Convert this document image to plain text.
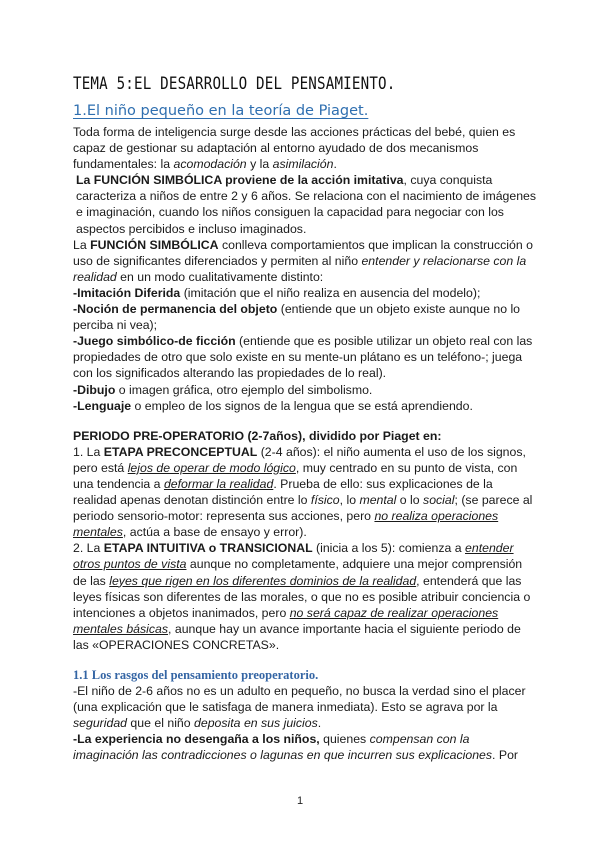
TEMA 5:EL DESARROLLO DEL PENSAMIENTO.
1.El niño pequeño en la teoría de Piaget.

Toda forma de inteligencia surge desde las acciones prácticas del bebé, quien es capaz de gestionar su adaptación al entorno ayudado de dos mecanismos fundamentales: la acomodación y la asimilación.

La FUNCIÓN SIMBÓLICA proviene de la acción imitativa, cuya conquista caracteriza a niños de entre 2 y 6 años. Se relaciona con el nacimiento de imágenes e imaginación, cuando los niños consiguen la capacidad para negociar con los aspectos percibidos e incluso imaginados.

La FUNCIÓN SIMBÓLICA conlleva comportamientos que implican la construcción o uso de significantes diferenciados y permiten al niño entender y relacionarse con la realidad en un modo cualitativamente distinto:

-Imitación Diferida (imitación que el niño realiza en ausencia del modelo);

-Noción de permanencia del objeto (entiende que un objeto existe aunque no lo perciba ni vea);

-Juego simbólico-de ficción (entiende que es posible utilizar un objeto real con las propiedades de otro que solo existe en su mente-un plátano es un teléfono-; juega con los significados alterando las propiedades de lo real).

-Dibujo o imagen gráfica, otro ejemplo del simbolismo.

-Lenguaje o empleo de los signos de la lengua que se está aprendiendo.

PERIODO PRE-OPERATORIO (2-7años), dividido por Piaget en:

1. La ETAPA PRECONCEPTUAL (2-4 años): el niño aumenta el uso de los signos, pero está lejos de operar de modo lógico, muy centrado en su punto de vista, con una tendencia a deformar la realidad. Prueba de ello: sus explicaciones de la realidad apenas denotan distinción entre lo físico, lo mental o lo social; (se parece al periodo sensorio-motor: representa sus acciones, pero no realiza operaciones mentales, actúa a base de ensayo y error).

2. La ETAPA INTUITIVA o TRANSICIONAL (inicia a los 5): comienza a entender otros puntos de vista aunque no completamente, adquiere una mejor comprensión de las leyes que rigen en los diferentes dominios de la realidad, entenderá que las leyes físicas son diferentes de las morales, o que no es posible atribuir conciencia o intenciones a objetos inanimados, pero no será capaz de realizar operaciones mentales básicas, aunque hay un avance importante hacia el siguiente periodo de las «OPERACIONES CONCRETAS».

1.1 Los rasgos del pensamiento preoperatorio.

-El niño de 2-6 años no es un adulto en pequeño, no busca la verdad sino el placer (una explicación que le satisfaga de manera inmediata). Esto se agrava por la seguridad que el niño deposita en sus juicios.

-La experiencia no desengaña a los niños, quienes compensan con la imaginación las contradicciones o lagunas en que incurren sus explicaciones. Por

1
